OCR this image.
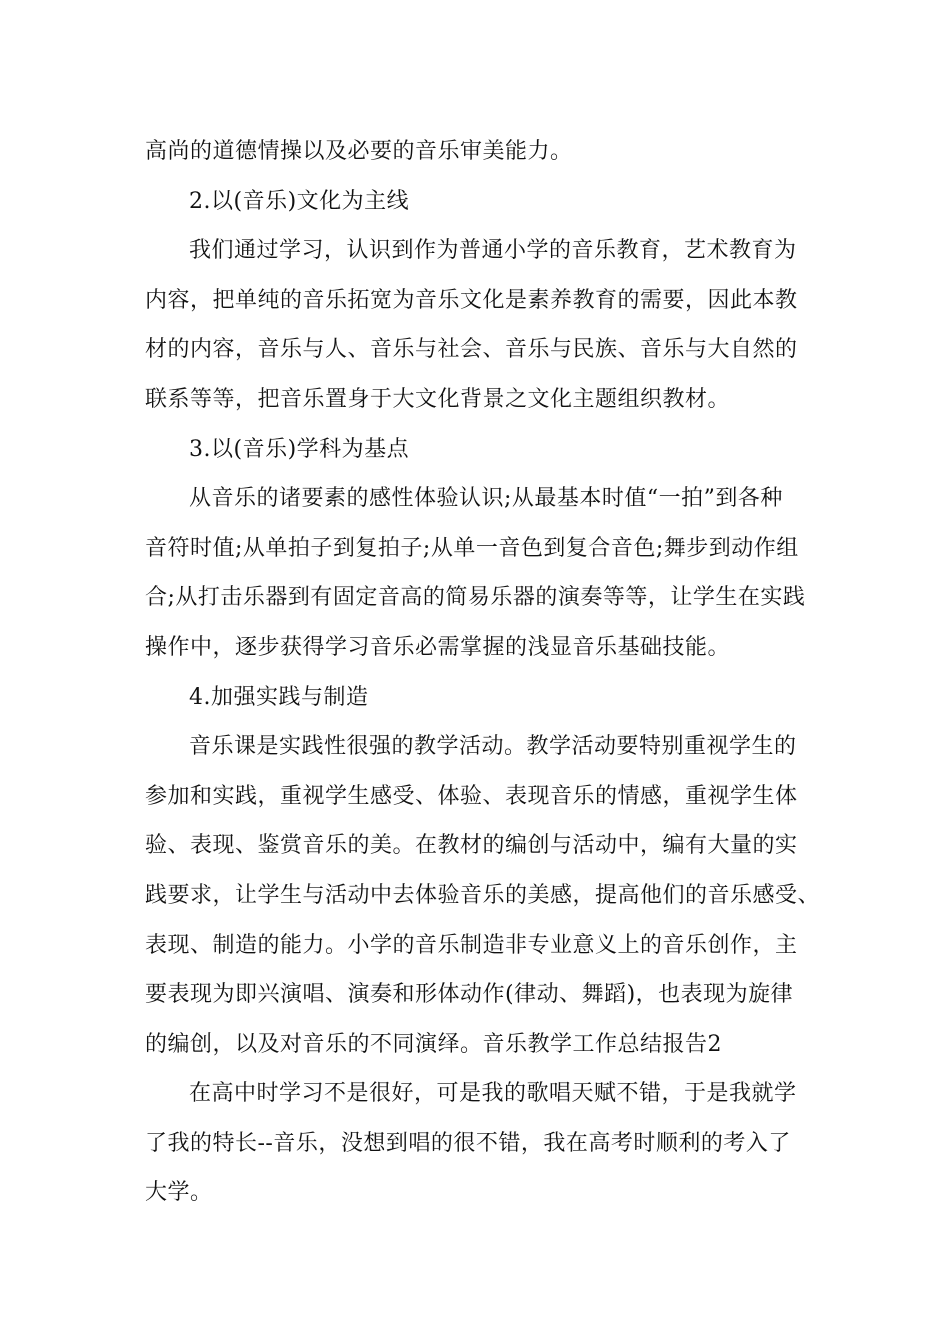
高尚的道德情操以及必要的音乐审美能力。
2.以(音乐)文化为主线
我们通过学习，认识到作为普通小学的音乐教育，艺术教育为
内容，把单纯的音乐拓宽为音乐文化是素养教育的需要，因此本教
材的内容，音乐与人、音乐与社会、音乐与民族、音乐与大自然的
联系等等，把音乐置身于大文化背景之文化主题组织教材。
3.以(音乐)学科为基点
从音乐的诸要素的感性体验认识;从最基本时值“一拍”到各种
音符时值;从单拍子到复拍子;从单一音色到复合音色;舞步到动作组
合;从打击乐器到有固定音高的简易乐器的演奏等等，让学生在实践
操作中，逐步获得学习音乐必需掌握的浅显音乐基础技能。
4.加强实践与制造
音乐课是实践性很强的教学活动。教学活动要特别重视学生的
参加和实践，重视学生感受、体验、表现音乐的情感，重视学生体
验、表现、鉴赏音乐的美。在教材的编创与活动中，编有大量的实
践要求，让学生与活动中去体验音乐的美感，提高他们的音乐感受、
表现、制造的能力。小学的音乐制造非专业意义上的音乐创作，主
要表现为即兴演唱、演奏和形体动作(律动、舞蹈)，也表现为旋律
的编创，以及对音乐的不同演绎。音乐教学工作总结报告2
在高中时学习不是很好，可是我的歌唱天赋不错，于是我就学
了我的特长--音乐，没想到唱的很不错，我在高考时顺利的考入了
大学。
